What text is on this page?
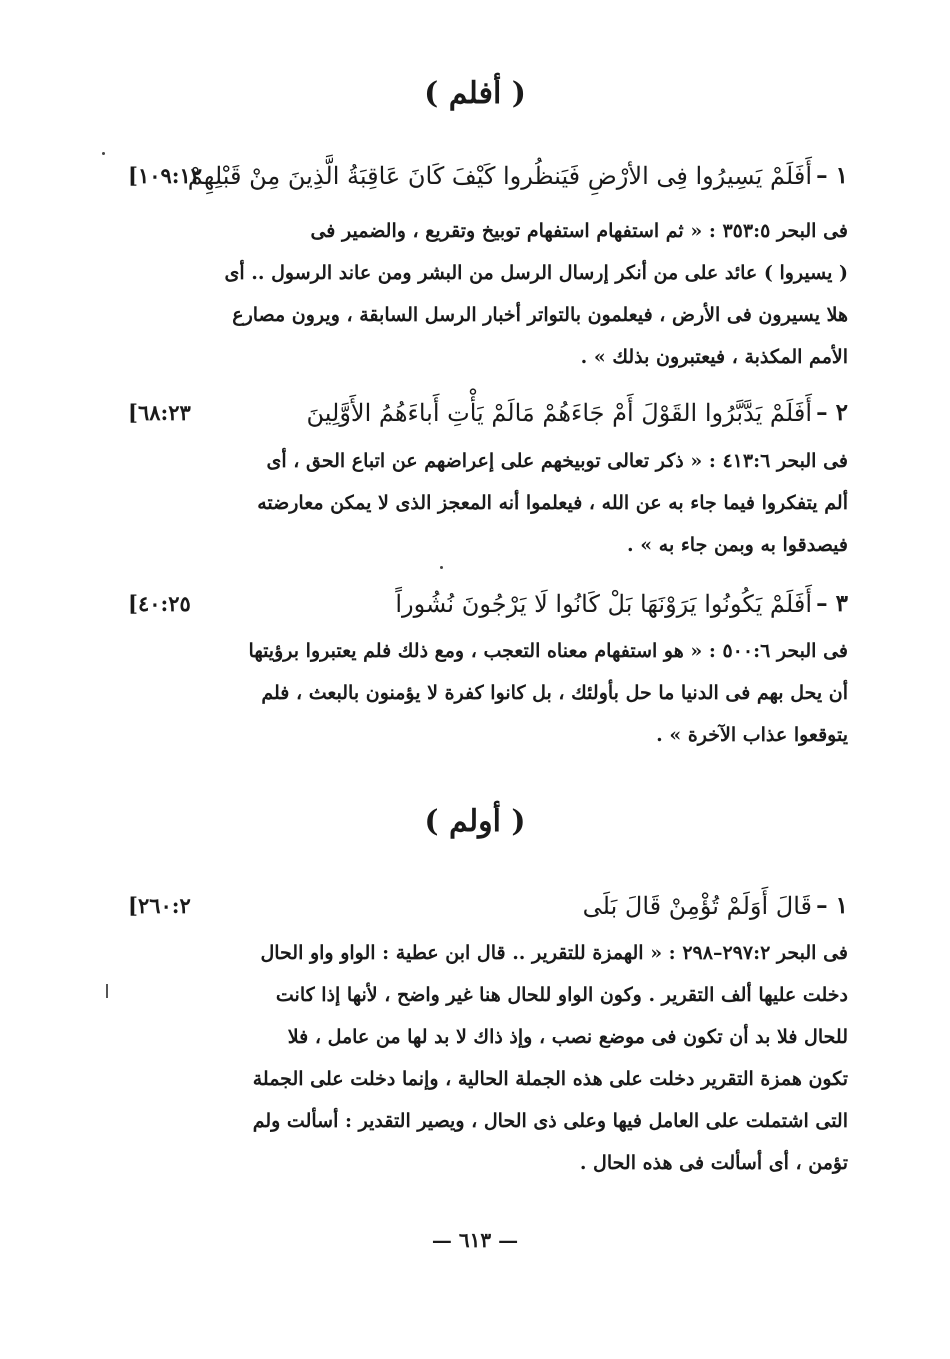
( أفلم )
١ –
أَفَلَمْ يَسِيرُوا فِى الأرْضِ فَيَنظُروا كَيْفَ كَانَ عَاقِبَةُ الَّذِينَ مِنْ قَبْلِهِمْ
[١٠٩:١٢
فى البحر ٣٥٣:٥ : « ثم استفهام استفهام توبيخ وتقريع ، والضمير فى
( يسيروا ) عائد على من أنكر إرسال الرسل من البشر ومن عاند الرسول .. أى
هلا يسيرون فى الأرض ، فيعلمون بالتواتر أخبار الرسل السابقة ، ويرون مصارع
الأمم المكذبة ، فيعتبرون بذلك » .
٢ –
أَفَلَمْ يَدَّبَّرُوا القَوْلَ أَمْ جَاءَهُمْ مَالَمْ يَأْتِ أَباءَهُمُ الأَوَّلِينَ
[٦٨:٢٣
فى البحر ٤١٣:٦ : « ذكر تعالى توبيخهم على إعراضهم عن اتباع الحق ، أى
ألم يتفكروا فيما جاء به عن الله ، فيعلموا أنه المعجز الذى لا يمكن معارضته
فيصدقوا به وبمن جاء به » .
٣ –
أَفَلَمْ يَكُونُوا يَرَوْنَهَا بَلْ كَانُوا لَا يَرْجُونَ نُشُوراً
[٤٠:٢٥
فى البحر ٥٠٠:٦ : « هو استفهام معناه التعجب ، ومع ذلك فلم يعتبروا برؤيتها
أن يحل بهم فى الدنيا ما حل بأولئك ، بل كانوا كفرة لا يؤمنون بالبعث ، فلم
يتوقعوا عذاب الآخرة » .
( أولم )
١ –
قَالَ أَوَلَمْ تُؤْمِنْ قَالَ بَلَى
[٢٦٠:٢
فى البحر ٢٩٧:٢–٢٩٨ : « الهمزة للتقرير .. قال ابن عطية : الواو واو الحال
دخلت عليها ألف التقرير . وكون الواو للحال هنا غير واضح ، لأنها إذا كانت
للحال فلا بد أن تكون فى موضع نصب ، وإذ ذاك لا بد لها من عامل ، فلا
تكون همزة التقرير دخلت على هذه الجملة الحالية ، وإنما دخلت على الجملة
التى اشتملت على العامل فيها وعلى ذى الحال ، ويصير التقدير : أسألت ولم
تؤمن ، أى أسألت فى هذه الحال .
— ٦١٣ —
